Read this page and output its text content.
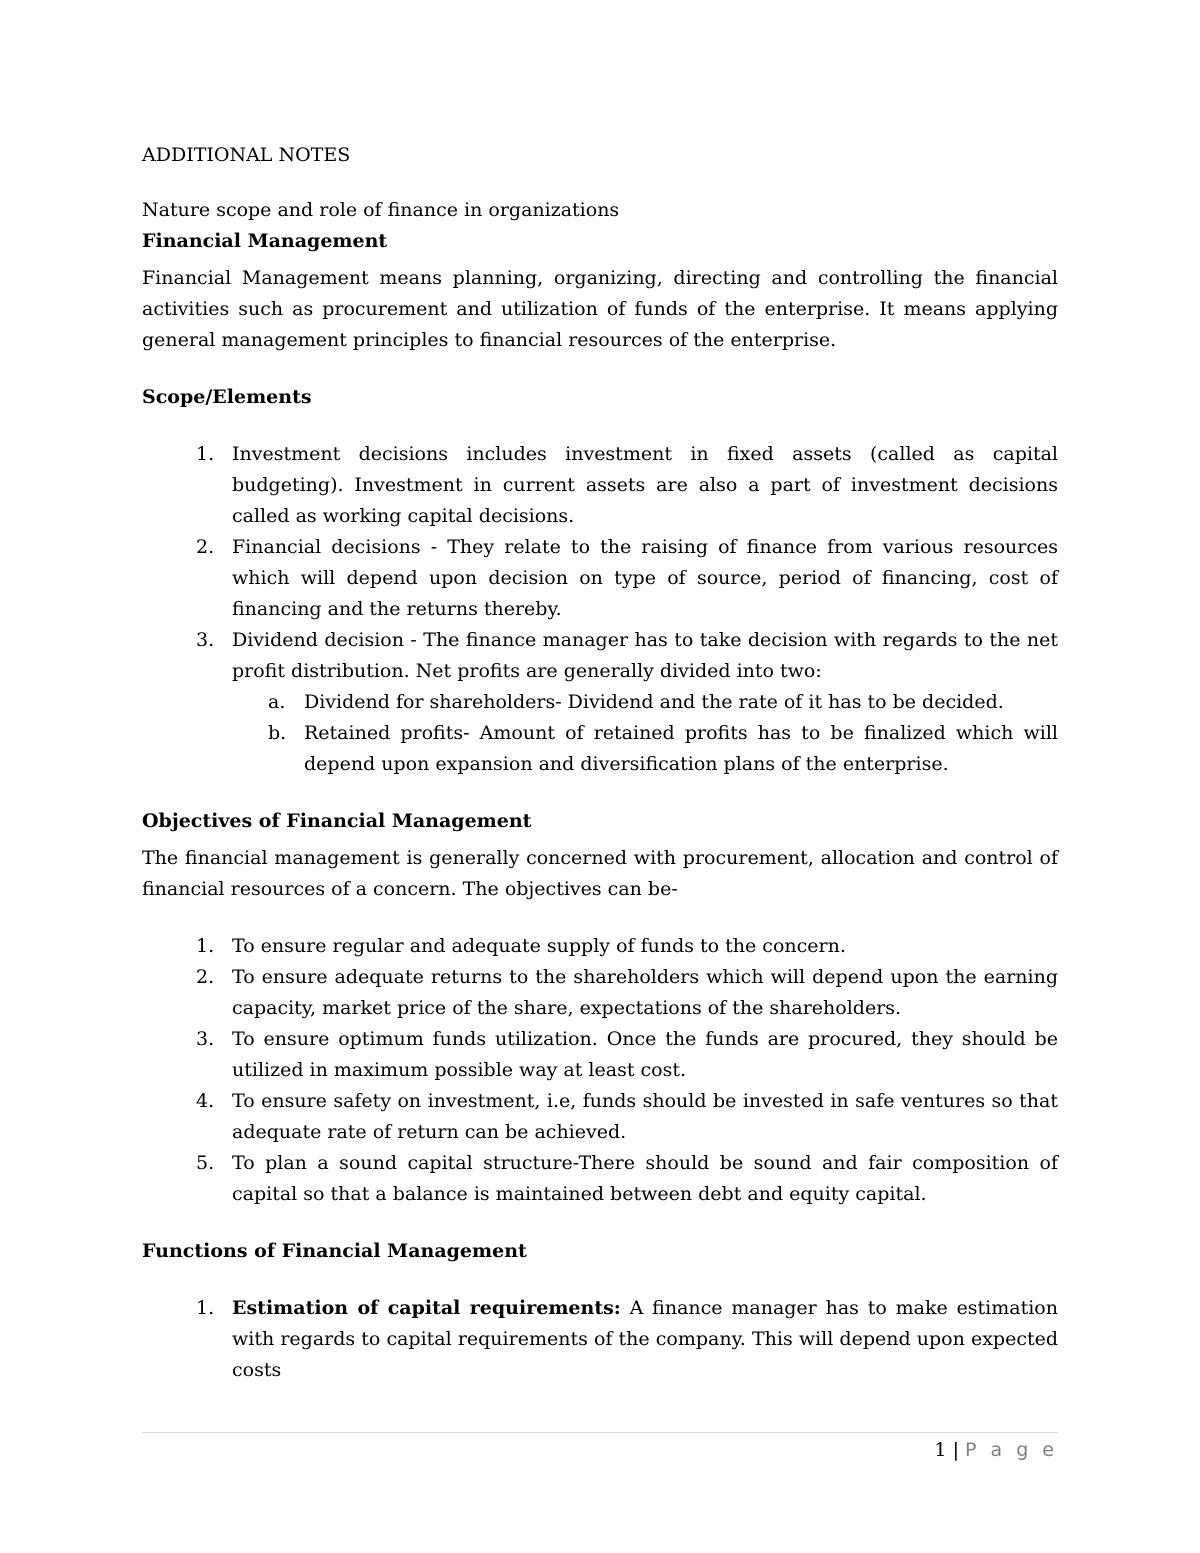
ADDITIONAL NOTES
Nature scope and role of finance in organizations
Financial Management

Financial Management means planning, organizing, directing and controlling the financial activities such as procurement and utilization of funds of the enterprise. It means applying general management principles to financial resources of the enterprise.

Scope/Elements
1. Investment decisions includes investment in fixed assets (called as capital budgeting). Investment in current assets are also a part of investment decisions called as working capital decisions.
2. Financial decisions - They relate to the raising of finance from various resources which will depend upon decision on type of source, period of financing, cost of financing and the returns thereby.
3. Dividend decision - The finance manager has to take decision with regards to the net profit distribution. Net profits are generally divided into two:
a. Dividend for shareholders- Dividend and the rate of it has to be decided.
b. Retained profits- Amount of retained profits has to be finalized which will depend upon expansion and diversification plans of the enterprise.
Objectives of Financial Management

The financial management is generally concerned with procurement, allocation and control of financial resources of a concern. The objectives can be-

1. To ensure regular and adequate supply of funds to the concern.
2. To ensure adequate returns to the shareholders which will depend upon the earning capacity, market price of the share, expectations of the shareholders.
3. To ensure optimum funds utilization. Once the funds are procured, they should be utilized in maximum possible way at least cost.
4. To ensure safety on investment, i.e, funds should be invested in safe ventures so that adequate rate of return can be achieved.
5. To plan a sound capital structure-There should be sound and fair composition of capital so that a balance is maintained between debt and equity capital.
Functions of Financial Management
1. Estimation of capital requirements: A finance manager has to make estimation with regards to capital requirements of the company. This will depend upon expected costs
1 | P a g e
